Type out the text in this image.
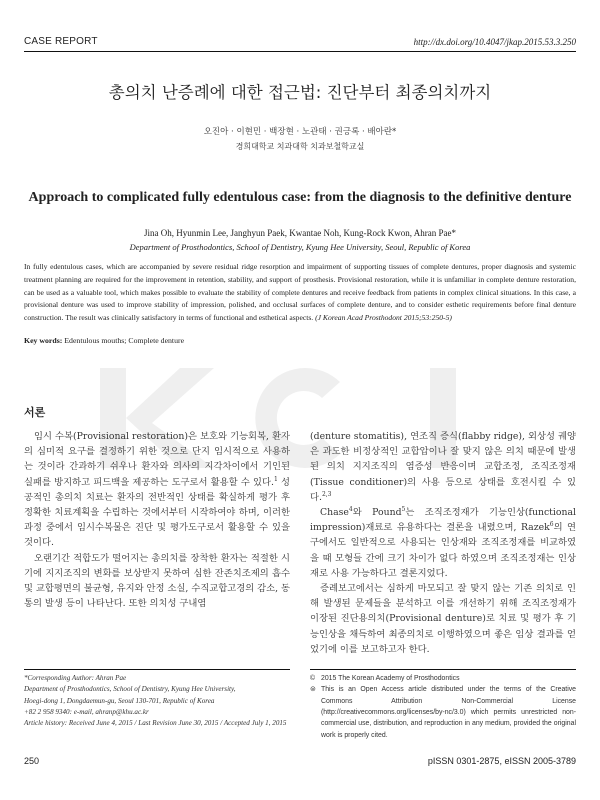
CASE REPORT	http://dx.doi.org/10.4047/jkap.2015.53.3.250
총의치 난증례에 대한 접근법: 진단부터 최종의치까지
오진아 · 이현민 · 백장현 · 노관태 · 권긍록 · 배아란*
경희대학교 치과대학 치과보철학교실
Approach to complicated fully edentulous case: from the diagnosis to the definitive denture
Jina Oh, Hyunmin Lee, Janghyun Paek, Kwantae Noh, Kung-Rock Kwon, Ahran Pae*
Department of Prosthodontics, School of Dentistry, Kyung Hee University, Seoul, Republic of Korea
In fully edentulous cases, which are accompanied by severe residual ridge resorption and impairment of supporting tissues of complete dentures, proper diagnosis and systemic treatment planning are required for the improvement in retention, stability, and support of prosthesis. Provisional restoration, while it is unfamiliar in complete denture restoration, can be used as a valuable tool, which makes possible to evaluate the stability of complete dentures and receive feedback from patients in complex clinical situations. In this case, a provisional denture was used to improve stability of impression, polished, and occlusal surfaces of complete denture, and to consider esthetic requirements before final denture construction. The result was clinically satisfactory in terms of functional and esthetical aspects. (J Korean Acad Prosthodont 2015;53:250-5)
Key words: Edentulous mouths; Complete denture
서론

임시 수복(Provisional restoration)은 보호와 기능회복, 환자의 심미적 요구를 결정하기 위한 것으로 단지 임시적으로 사용하는 것이라 간과하기 쉬우나 환자와 의사의 지각차이에서 기인된 실패를 방지하고 피드백을 제공하는 도구로서 활용할 수 있다.$^1$ 성공적인 총의치 치료는 환자의 전반적인 상태를 확실하게 평가 후 정확한 치료계획을 수립하는 것에서부터 시작하여야 하며, 이러한 과정 중에서 임시수복물은 진단 및 평가도구로서 활용할 수 있을 것이다.

오랜기간 적합도가 떨어지는 총의치를 장착한 환자는 적절한 시기에 지지조직의 변화를 보상받지 못하여 심한 잔존치조제의 흡수 및 교합평면의 불균형, 유지와 안정 소실, 수직교합고경의 감소, 동통의 발생 등이 나타난다. 또한 의치성 구내염

(denture stomatitis), 연조직 증식(flabby ridge), 외상성 궤양은 과도한 비정상적인 교합압이나 잘 맞지 않은 의치 때문에 발생된 의치 지지조직의 염증성 반응이며 교합조정, 조직조정재(Tissue conditioner)의 사용 등으로 상태를 호전시킬 수 있다.$^{2,3}$

Chase$^4$와 Pound$^5$는 조직조정재가 기능인상(functional impression)재료로 유용하다는 결론을 내렸으며, Razek$^6$의 연구에서도 일반적으로 사용되는 인상재와 조직조정재를 비교하였을 때 모형들 간에 크기 차이가 없다 하였으며 조직조정재는 인상재로 사용 가능하다고 결론지었다.

증례보고에서는 심하게 마모되고 잘 맞지 않는 기존 의치로 인해 발생된 문제들을 분석하고 이를 개선하기 위해 조직조정재가 이장된 진단용의치(Provisional denture)로 치료 및 평가 후 기능인상을 채득하여 최종의치로 이행하였으며 좋은 임상 결과를 얻었기에 이를 보고하고자 한다.

*Corresponding Author: Ahran Pae
Department of Prosthodontics, School of Dentistry, Kyung Hee University,
Hoegi-dong 1, Dongdaemun-gu, Seoul 130-701, Republic of Korea
+82 2 958 9340: e-mail, ahranp@khu.ac.kr
Article history: Received June 4, 2015 / Last Revision June 30, 2015 / Accepted July 1, 2015
© 2015 The Korean Academy of Prosthodontics
⊜ This is an Open Access article distributed under the terms of the Creative Commons Attribution Non-Commercial License (http://creativecommons.org/licenses/by-nc/3.0) which permits unrestricted non-commercial use, distribution, and reproduction in any medium, provided the original work is properly cited.
250	pISSN 0301-2875, eISSN 2005-3789
